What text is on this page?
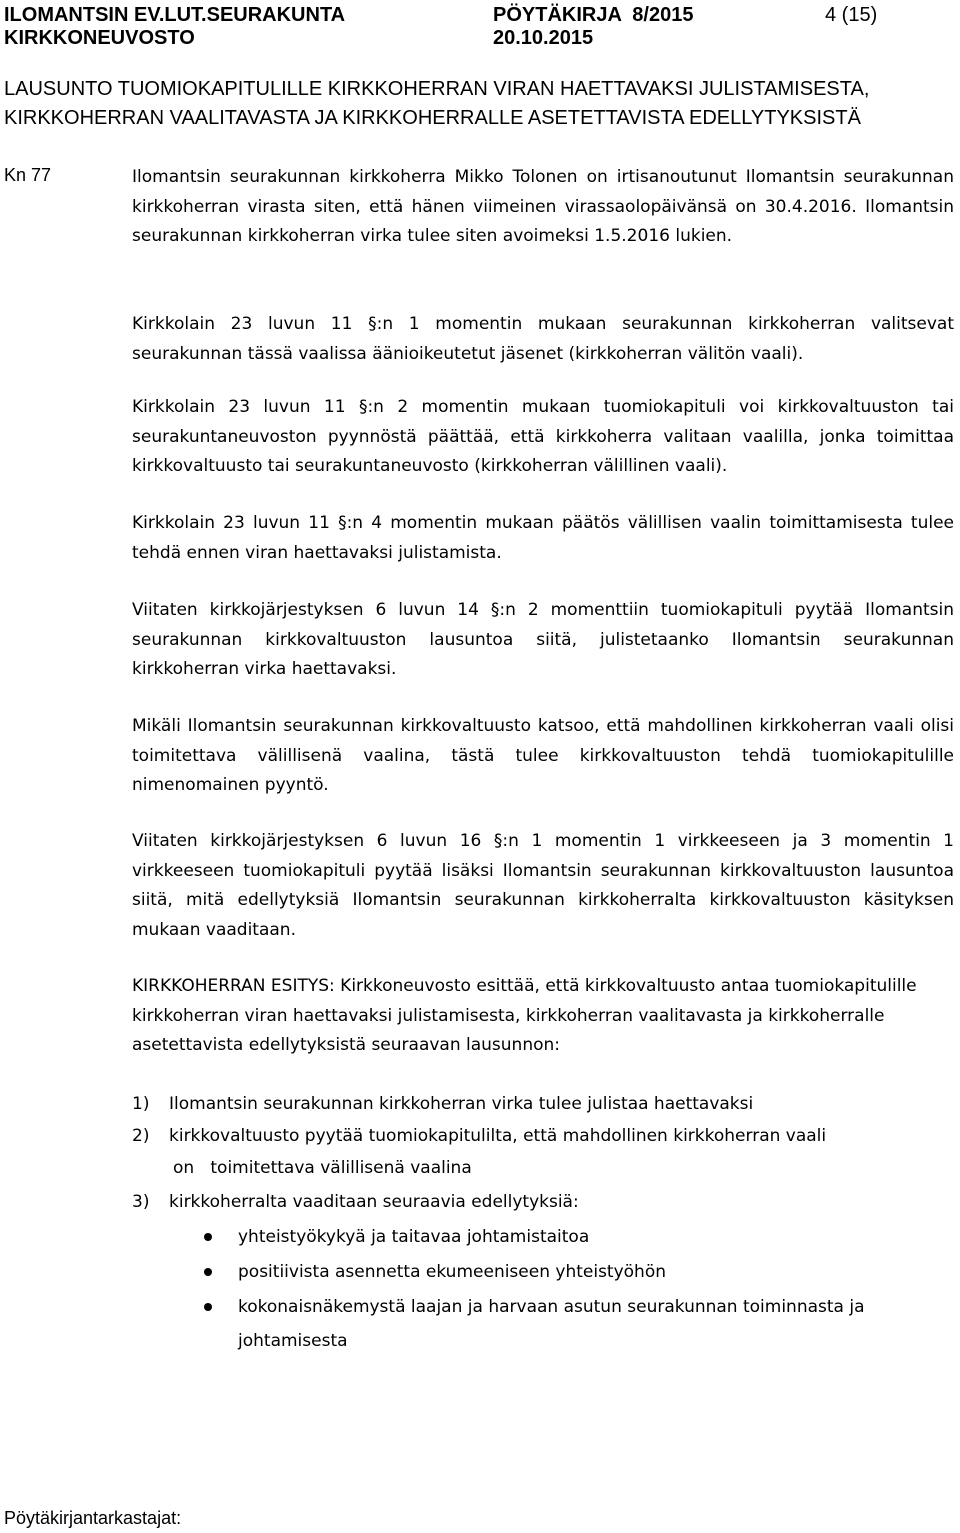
ILOMANTSIN EV.LUT.SEURAKUNTA
KIRKKONEUVOSTO
PÖYTÄKIRJA  8/2015
20.10.2015
4 (15)
LAUSUNTO TUOMIOKAPITULILLE KIRKKOHERRAN VIRAN HAETTAVAKSI JULISTAMISESTA,
KIRKKOHERRAN VAALITAVASTA JA KIRKKOHERRALLE ASETETTAVISTA EDELLYTYKSISTÄ
Kn 77	Ilomantsin seurakunnan kirkkoherra Mikko Tolonen on irtisanoutunut Ilomantsin seurakunnan kirkkoherran virasta siten, että hänen viimeinen virassaolopäivänsä on 30.4.2016. Ilomantsin seurakunnan kirkkoherran virka tulee siten avoimeksi 1.5.2016 lukien.

Kirkkolain 23 luvun 11 §:n 1 momentin mukaan seurakunnan kirkkoherran valitsevat seurakunnan tässä vaalissa äänioikeutetut jäsenet (kirkkoherran välitön vaali).

Kirkkolain 23 luvun 11 §:n 2 momentin mukaan tuomiokapituli voi kirkkovaltuuston tai seurakuntaneuvoston pyynnöstä päättää, että kirkkoherra valitaan vaalilla, jonka toimittaa kirkkovaltuusto tai seurakuntaneuvosto (kirkkoherran välillinen vaali).

Kirkkolain 23 luvun 11 §:n 4 momentin mukaan päätös välillisen vaalin toimittamisesta tulee tehdä ennen viran haettavaksi julistamista.

Viitaten kirkkojärjestyksen 6 luvun 14 §:n 2 momenttiin tuomiokapituli pyytää Ilomantsin seurakunnan kirkkovaltuuston lausuntoa siitä, julistetaanko Ilomantsin seurakunnan kirkkoherran virka haettavaksi.

Mikäli Ilomantsin seurakunnan kirkkovaltuusto katsoo, että mahdollinen kirkkoherran vaali olisi toimitettava välillisenä vaalina, tästä tulee kirkkovaltuuston tehdä tuomiokapitulille nimenomainen pyyntö.

Viitaten kirkkojärjestyksen 6 luvun 16 §:n 1 momentin 1 virkkeeseen ja 3 momentin 1 virkkeeseen tuomiokapituli pyytää lisäksi Ilomantsin seurakunnan kirkkovaltuuston lausuntoa siitä, mitä edellytyksiä Ilomantsin seurakunnan kirkkoherralta kirkkovaltuuston käsityksen mukaan vaaditaan.

KIRKKOHERRAN ESITYS: Kirkkoneuvosto esittää, että kirkkovaltuusto antaa tuomiokapitulille kirkkoherran viran haettavaksi julistamisesta, kirkkoherran vaalitavasta ja kirkkoherralle asetettavista edellytyksistä seuraavan lausunnon:

1) Ilomantsin seurakunnan kirkkoherran virka tulee julistaa haettavaksi
2) kirkkovaltuusto pyytää tuomiokapitulilta, että mahdollinen kirkkoherran vaali
on   toimitettava välillisenä vaalina
3) kirkkoherralta vaaditaan seuraavia edellytyksiä:
yhteistyökykyä ja taitavaa johtamistaitoa
positiivista asennetta ekumeeniseen yhteistyöhön
kokonaisnäkemystä laajan ja harvaan asutun seurakunnan toiminnasta ja johtamisesta
Pöytäkirjantarkastajat:
